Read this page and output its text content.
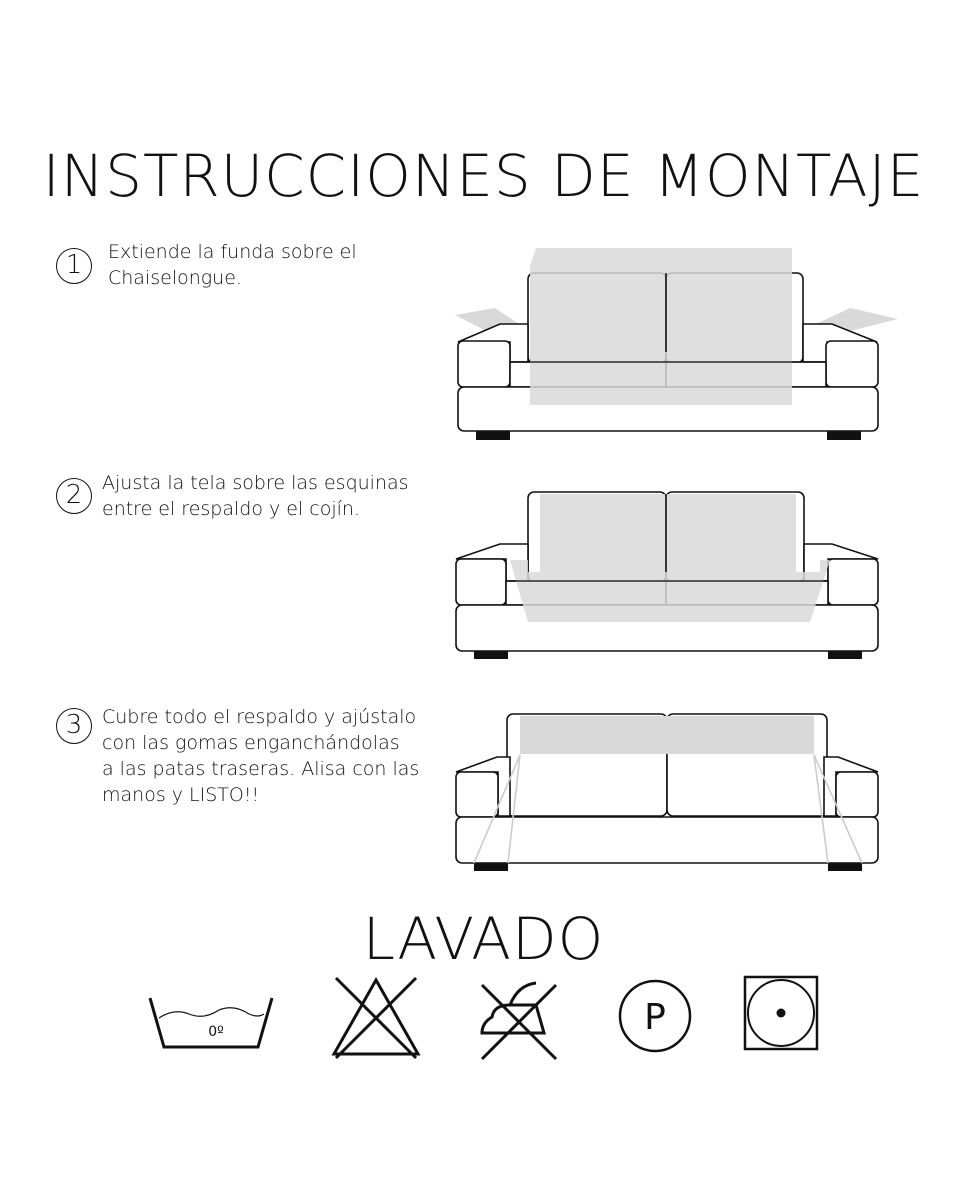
INSTRUCCIONES DE MONTAJE
1	Extiende la funda sobre el
Chaiselongue.
2	Ajusta la tela sobre las esquinas
entre el respaldo y el cojín.
3	Cubre todo el respaldo y ajústalo
con las gomas enganchándolas
a las patas traseras. Alisa con las
manos y LISTO!!
LAVADO
0º	P
